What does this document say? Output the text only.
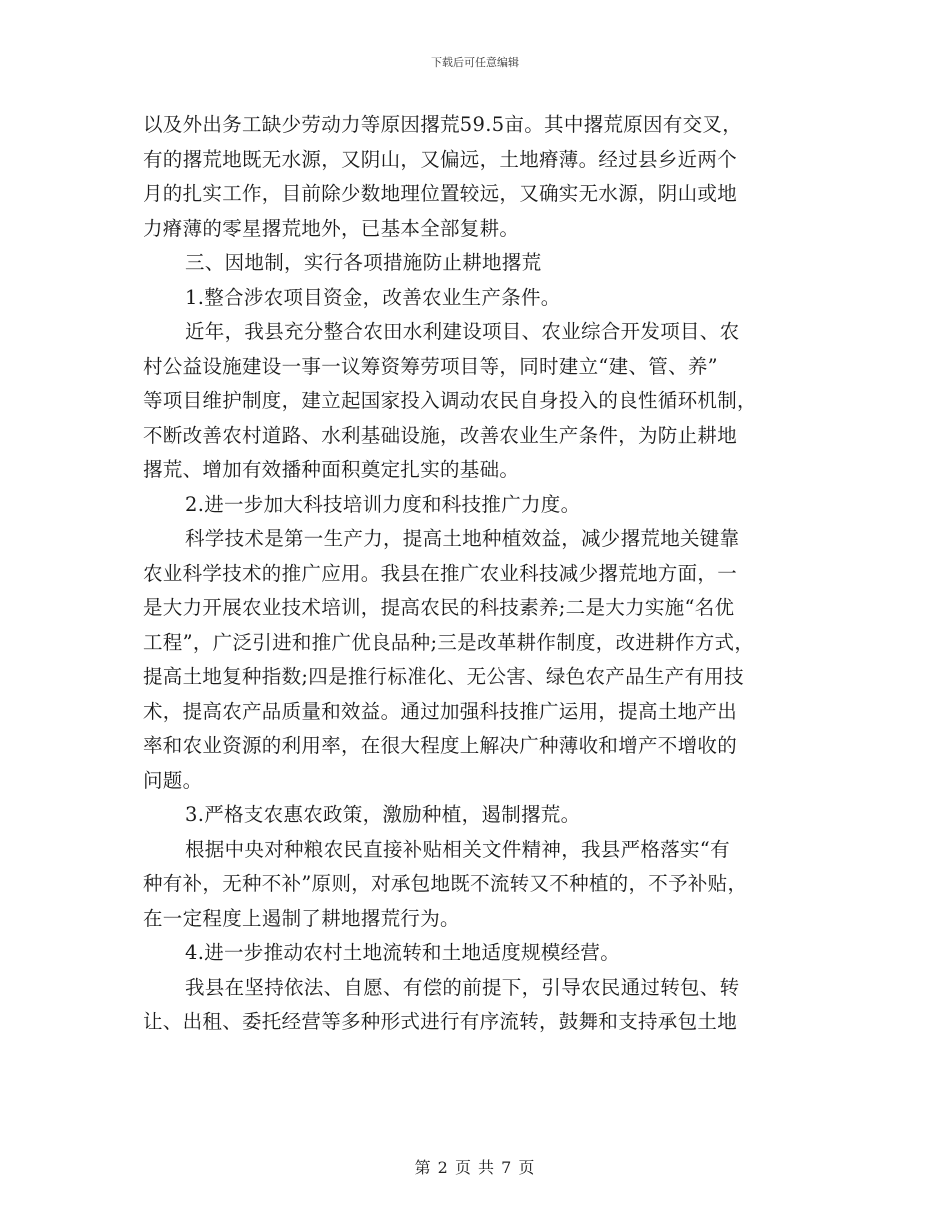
下载后可任意编辑
以及外出务工缺少劳动力等原因撂荒59.5亩。其中撂荒原因有交叉，
有的撂荒地既无水源，又阴山，又偏远，土地瘠薄。经过县乡近两个
月的扎实工作，目前除少数地理位置较远，又确实无水源，阴山或地
力瘠薄的零星撂荒地外，已基本全部复耕。
三、因地制，实行各项措施防止耕地撂荒
1.整合涉农项目资金，改善农业生产条件。
近年，我县充分整合农田水利建设项目、农业综合开发项目、农
村公益设施建设一事一议筹资筹劳项目等，同时建立“建、管、养”
等项目维护制度，建立起国家投入调动农民自身投入的良性循环机制，
不断改善农村道路、水利基础设施，改善农业生产条件，为防止耕地
撂荒、增加有效播种面积奠定扎实的基础。
2.进一步加大科技培训力度和科技推广力度。
科学技术是第一生产力，提高土地种植效益，减少撂荒地关键靠
农业科学技术的推广应用。我县在推广农业科技减少撂荒地方面，一
是大力开展农业技术培训，提高农民的科技素养;二是大力实施“名优
工程”，广泛引进和推广优良品种;三是改革耕作制度，改进耕作方式，
提高土地复种指数;四是推行标准化、无公害、绿色农产品生产有用技
术，提高农产品质量和效益。通过加强科技推广运用，提高土地产出
率和农业资源的利用率，在很大程度上解决广种薄收和增产不增收的
问题。
3.严格支农惠农政策，激励种植，遏制撂荒。
根据中央对种粮农民直接补贴相关文件精神，我县严格落实“有
种有补，无种不补”原则，对承包地既不流转又不种植的，不予补贴，
在一定程度上遏制了耕地撂荒行为。
4.进一步推动农村土地流转和土地适度规模经营。
我县在坚持依法、自愿、有偿的前提下，引导农民通过转包、转
让、出租、委托经营等多种形式进行有序流转，鼓舞和支持承包土地
第 2 页 共 7 页
